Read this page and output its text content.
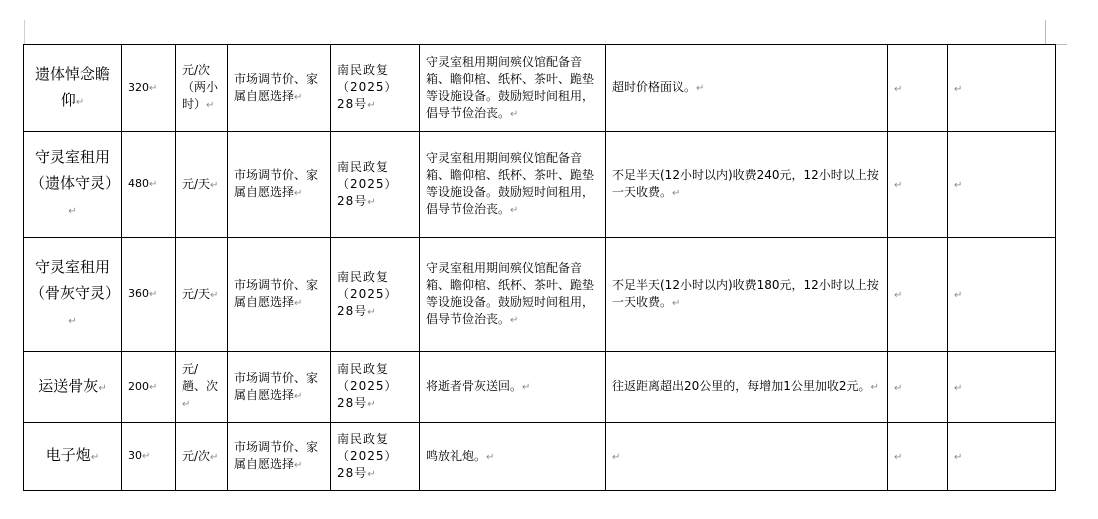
遗体悼念瞻仰↵	320↵	元/次（两小时）↵	市场调节价、家属自愿选择↵	南民政复（2025）28号↵	守灵室租用期间殡仪馆配备音箱、瞻仰棺、纸杯、茶叶、跪垫等设施设备。鼓励短时间租用，倡导节俭治丧。↵	超时价格面议。↵	↵	↵
守灵室租用（遗体守灵）↵	480↵	元/天↵	市场调节价、家属自愿选择↵	南民政复（2025）28号↵	守灵室租用期间殡仪馆配备音箱、瞻仰棺、纸杯、茶叶、跪垫等设施设备。鼓励短时间租用，倡导节俭治丧。↵	不足半天(12小时以内)收费240元，12小时以上按一天收费。↵	↵	↵
守灵室租用（骨灰守灵）↵	360↵	元/天↵	市场调节价、家属自愿选择↵	南民政复（2025）28号↵	守灵室租用期间殡仪馆配备音箱、瞻仰棺、纸杯、茶叶、跪垫等设施设备。鼓励短时间租用，倡导节俭治丧。↵	不足半天(12小时以内)收费180元，12小时以上按一天收费。↵	↵	↵
运送骨灰↵	200↵	元/趟、次↵	市场调节价、家属自愿选择↵	南民政复（2025）28号↵	将逝者骨灰送回。↵	往返距离超出20公里的，每增加1公里加收2元。↵	↵	↵
电子炮↵	30↵	元/次↵	市场调节价、家属自愿选择↵	南民政复（2025）28号↵	鸣放礼炮。↵	↵	↵	↵
